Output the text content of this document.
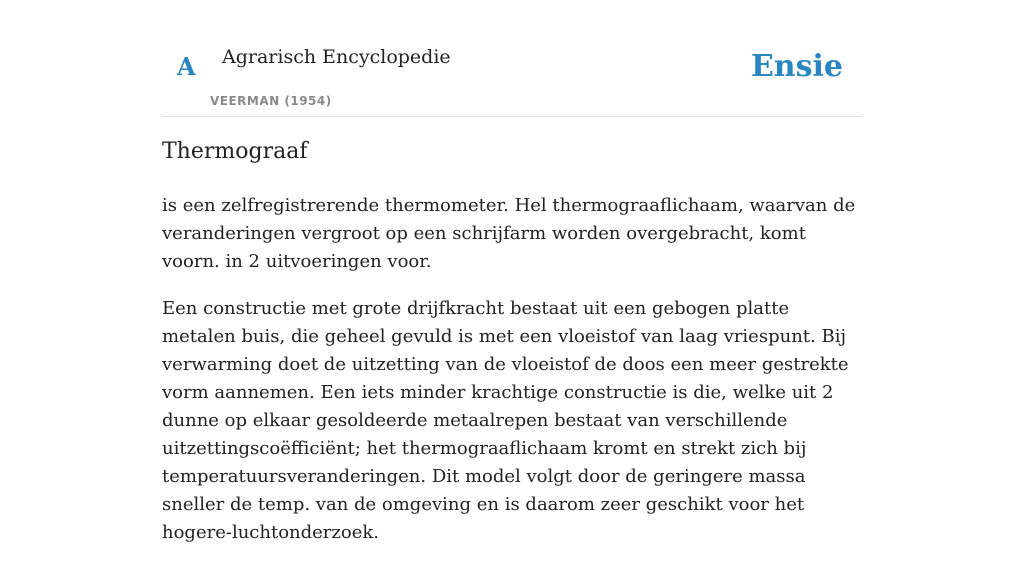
A Agrarisch Encyclopedie
VEERMAN (1954)
Ensie
Thermograaf

is een zelfregistrerende thermometer. Hel thermograaflichaam, waarvan de veranderingen vergroot op een schrijfarm worden overgebracht, komt voorn. in 2 uitvoeringen voor.

Een constructie met grote drijfkracht bestaat uit een gebogen platte metalen buis, die geheel gevuld is met een vloeistof van laag vriespunt. Bij verwarming doet de uitzetting van de vloeistof de doos een meer gestrekte vorm aannemen. Een iets minder krachtige constructie is die, welke uit 2 dunne op elkaar gesoldeerde metaalrepen bestaat van verschillende uitzettingscoëfficiënt; het thermograaflichaam kromt en strekt zich bij temperatuursveranderingen. Dit model volgt door de geringere massa sneller de temp. van de omgeving en is daarom zeer geschikt voor het hogere-luchtonderzoek.
